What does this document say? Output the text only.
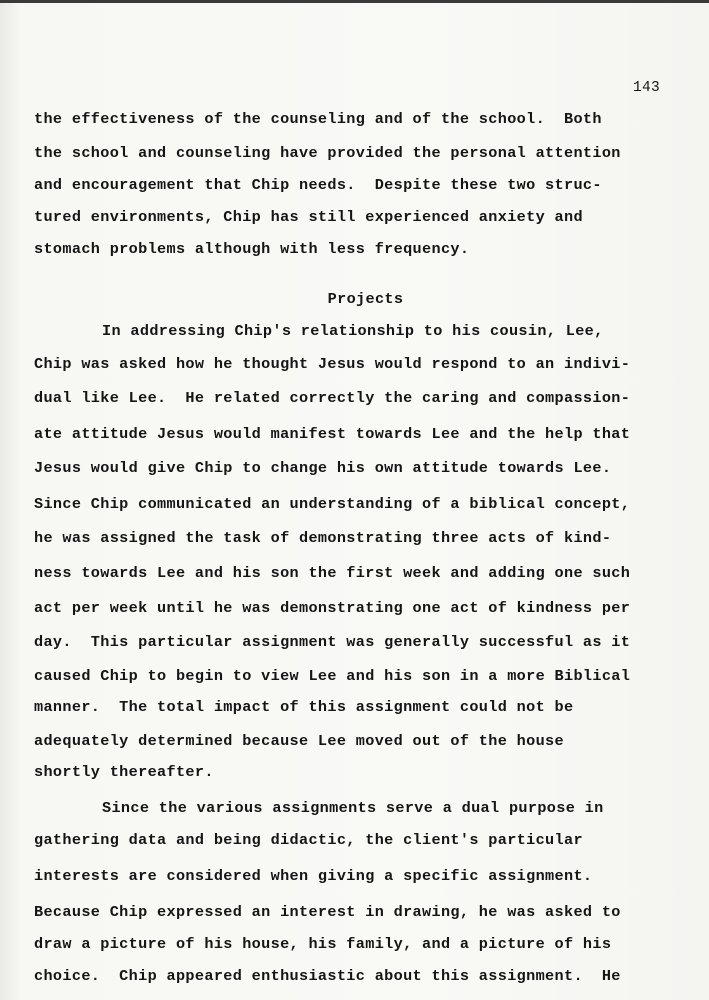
143
the effectiveness of the counseling and of the school.  Both
the school and counseling have provided the personal attention
and encouragement that Chip needs.  Despite these two struc-
tured environments, Chip has still experienced anxiety and
stomach problems although with less frequency.
Projects
In addressing Chip's relationship to his cousin, Lee,
Chip was asked how he thought Jesus would respond to an indivi-
dual like Lee.  He related correctly the caring and compassion-
ate attitude Jesus would manifest towards Lee and the help that
Jesus would give Chip to change his own attitude towards Lee.
Since Chip communicated an understanding of a biblical concept,
he was assigned the task of demonstrating three acts of kind-
ness towards Lee and his son the first week and adding one such
act per week until he was demonstrating one act of kindness per
day.  This particular assignment was generally successful as it
caused Chip to begin to view Lee and his son in a more Biblical
manner.  The total impact of this assignment could not be
adequately determined because Lee moved out of the house
shortly thereafter.
Since the various assignments serve a dual purpose in
gathering data and being didactic, the client's particular
interests are considered when giving a specific assignment.
Because Chip expressed an interest in drawing, he was asked to
draw a picture of his house, his family, and a picture of his
choice.  Chip appeared enthusiastic about this assignment.  He
